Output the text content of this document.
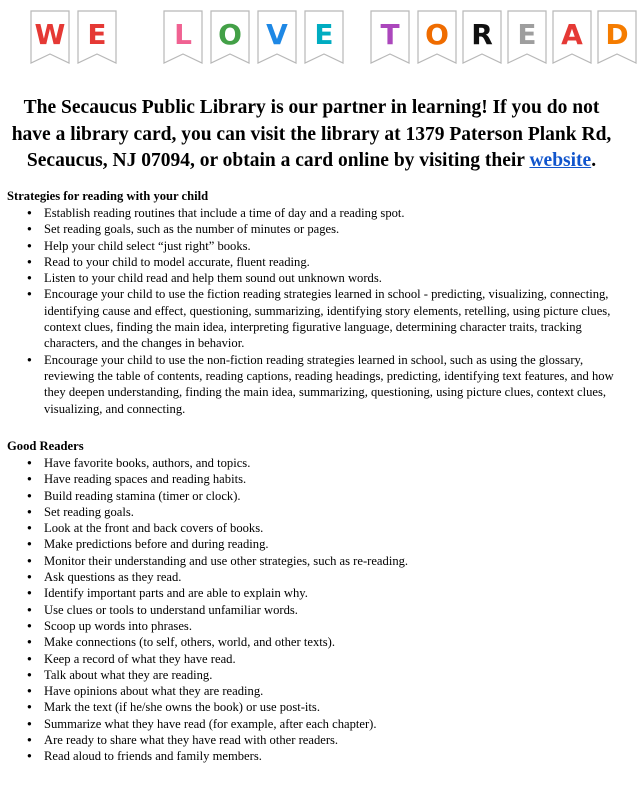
W E	L O V E	T O R E A D

The Secaucus Public Library is our partner in learning! If you do not have a library card, you can visit the library at 1379 Paterson Plank Rd, Secaucus, NJ 07094, or obtain a card online by visiting their website.

Strategies for reading with your child
● Establish reading routines that include a time of day and a reading spot.
● Set reading goals, such as the number of minutes or pages.
● Help your child select “just right” books.
● Read to your child to model accurate, fluent reading.
● Listen to your child read and help them sound out unknown words.
● Encourage your child to use the fiction reading strategies learned in school - predicting, visualizing, connecting, identifying cause and effect, questioning, summarizing, identifying story elements, retelling, using picture clues, context clues, finding the main idea, interpreting figurative language, determining character traits, tracking characters, and the changes in behavior.
● Encourage your child to use the non-fiction reading strategies learned in school, such as using the glossary, reviewing the table of contents, reading captions, reading headings, predicting, identifying text features, and how they deepen understanding, finding the main idea, summarizing, questioning, using picture clues, context clues, visualizing, and connecting.
Good Readers
● Have favorite books, authors, and topics.
● Have reading spaces and reading habits.
● Build reading stamina (timer or clock).
● Set reading goals.
● Look at the front and back covers of books.
● Make predictions before and during reading.
● Monitor their understanding and use other strategies, such as re-reading.
● Ask questions as they read.
● Identify important parts and are able to explain why.
● Use clues or tools to understand unfamiliar words.
● Scoop up words into phrases.
● Make connections (to self, others, world, and other texts).
● Keep a record of what they have read.
● Talk about what they are reading.
● Have opinions about what they are reading.
● Mark the text (if he/she owns the book) or use post-its.
● Summarize what they have read (for example, after each chapter).
● Are ready to share what they have read with other readers.
● Read aloud to friends and family members.
